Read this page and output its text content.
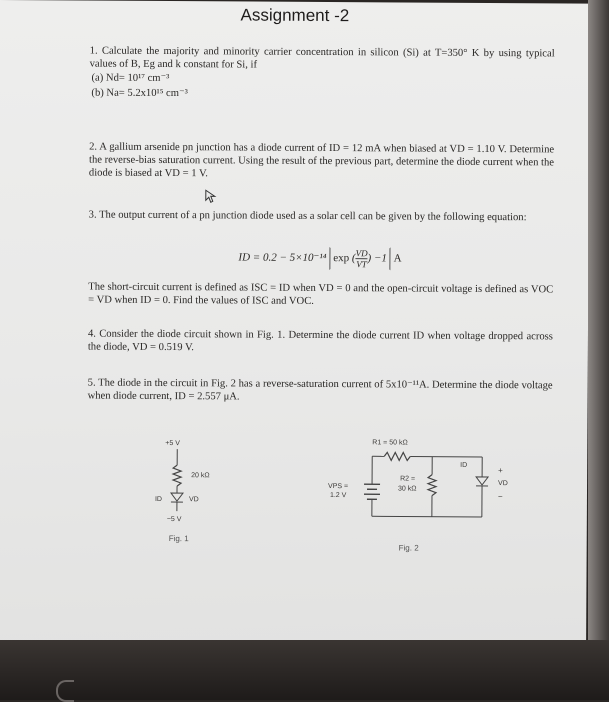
Assignment -2

1. Calculate the majority and minority carrier concentration in silicon (Si) at T=350° K by using typical values of B, Eg and k constant for Si, if

(a) Nd= 10¹⁷ cm⁻³
(b) Na= 5.2x10¹⁵ cm⁻³

2. A gallium arsenide pn junction has a diode current of ID = 12 mA when biased at VD = 1.10 V. Determine the reverse-bias saturation current. Using the result of the previous part, determine the diode current when the diode is biased at VD = 1 V.

3. The output current of a pn junction diode used as a solar cell can be given by the following equation:

ID = 0.2 − 5×10⁻¹⁴ exp ( $\frac{VD}{VT}$ ) −1 A

The short-circuit current is defined as ISC = ID when VD = 0 and the open-circuit voltage is defined as VOC = VD when ID = 0. Find the values of ISC and VOC.

4. Consider the diode circuit shown in Fig. 1. Determine the diode current ID when voltage dropped across the diode, VD = 0.519 V.

5. The diode in the circuit in Fig. 2 has a reverse-saturation current of 5x10⁻¹¹A. Determine the diode voltage when diode current, ID = 2.557 μA.

+5 V
20 kΩ
ID	VD
−5 V
Fig. 1
R1 = 50 kΩ
VPS =
1.2 V
R2 =
30 kΩ
ID
+
VD
−
Fig. 2
